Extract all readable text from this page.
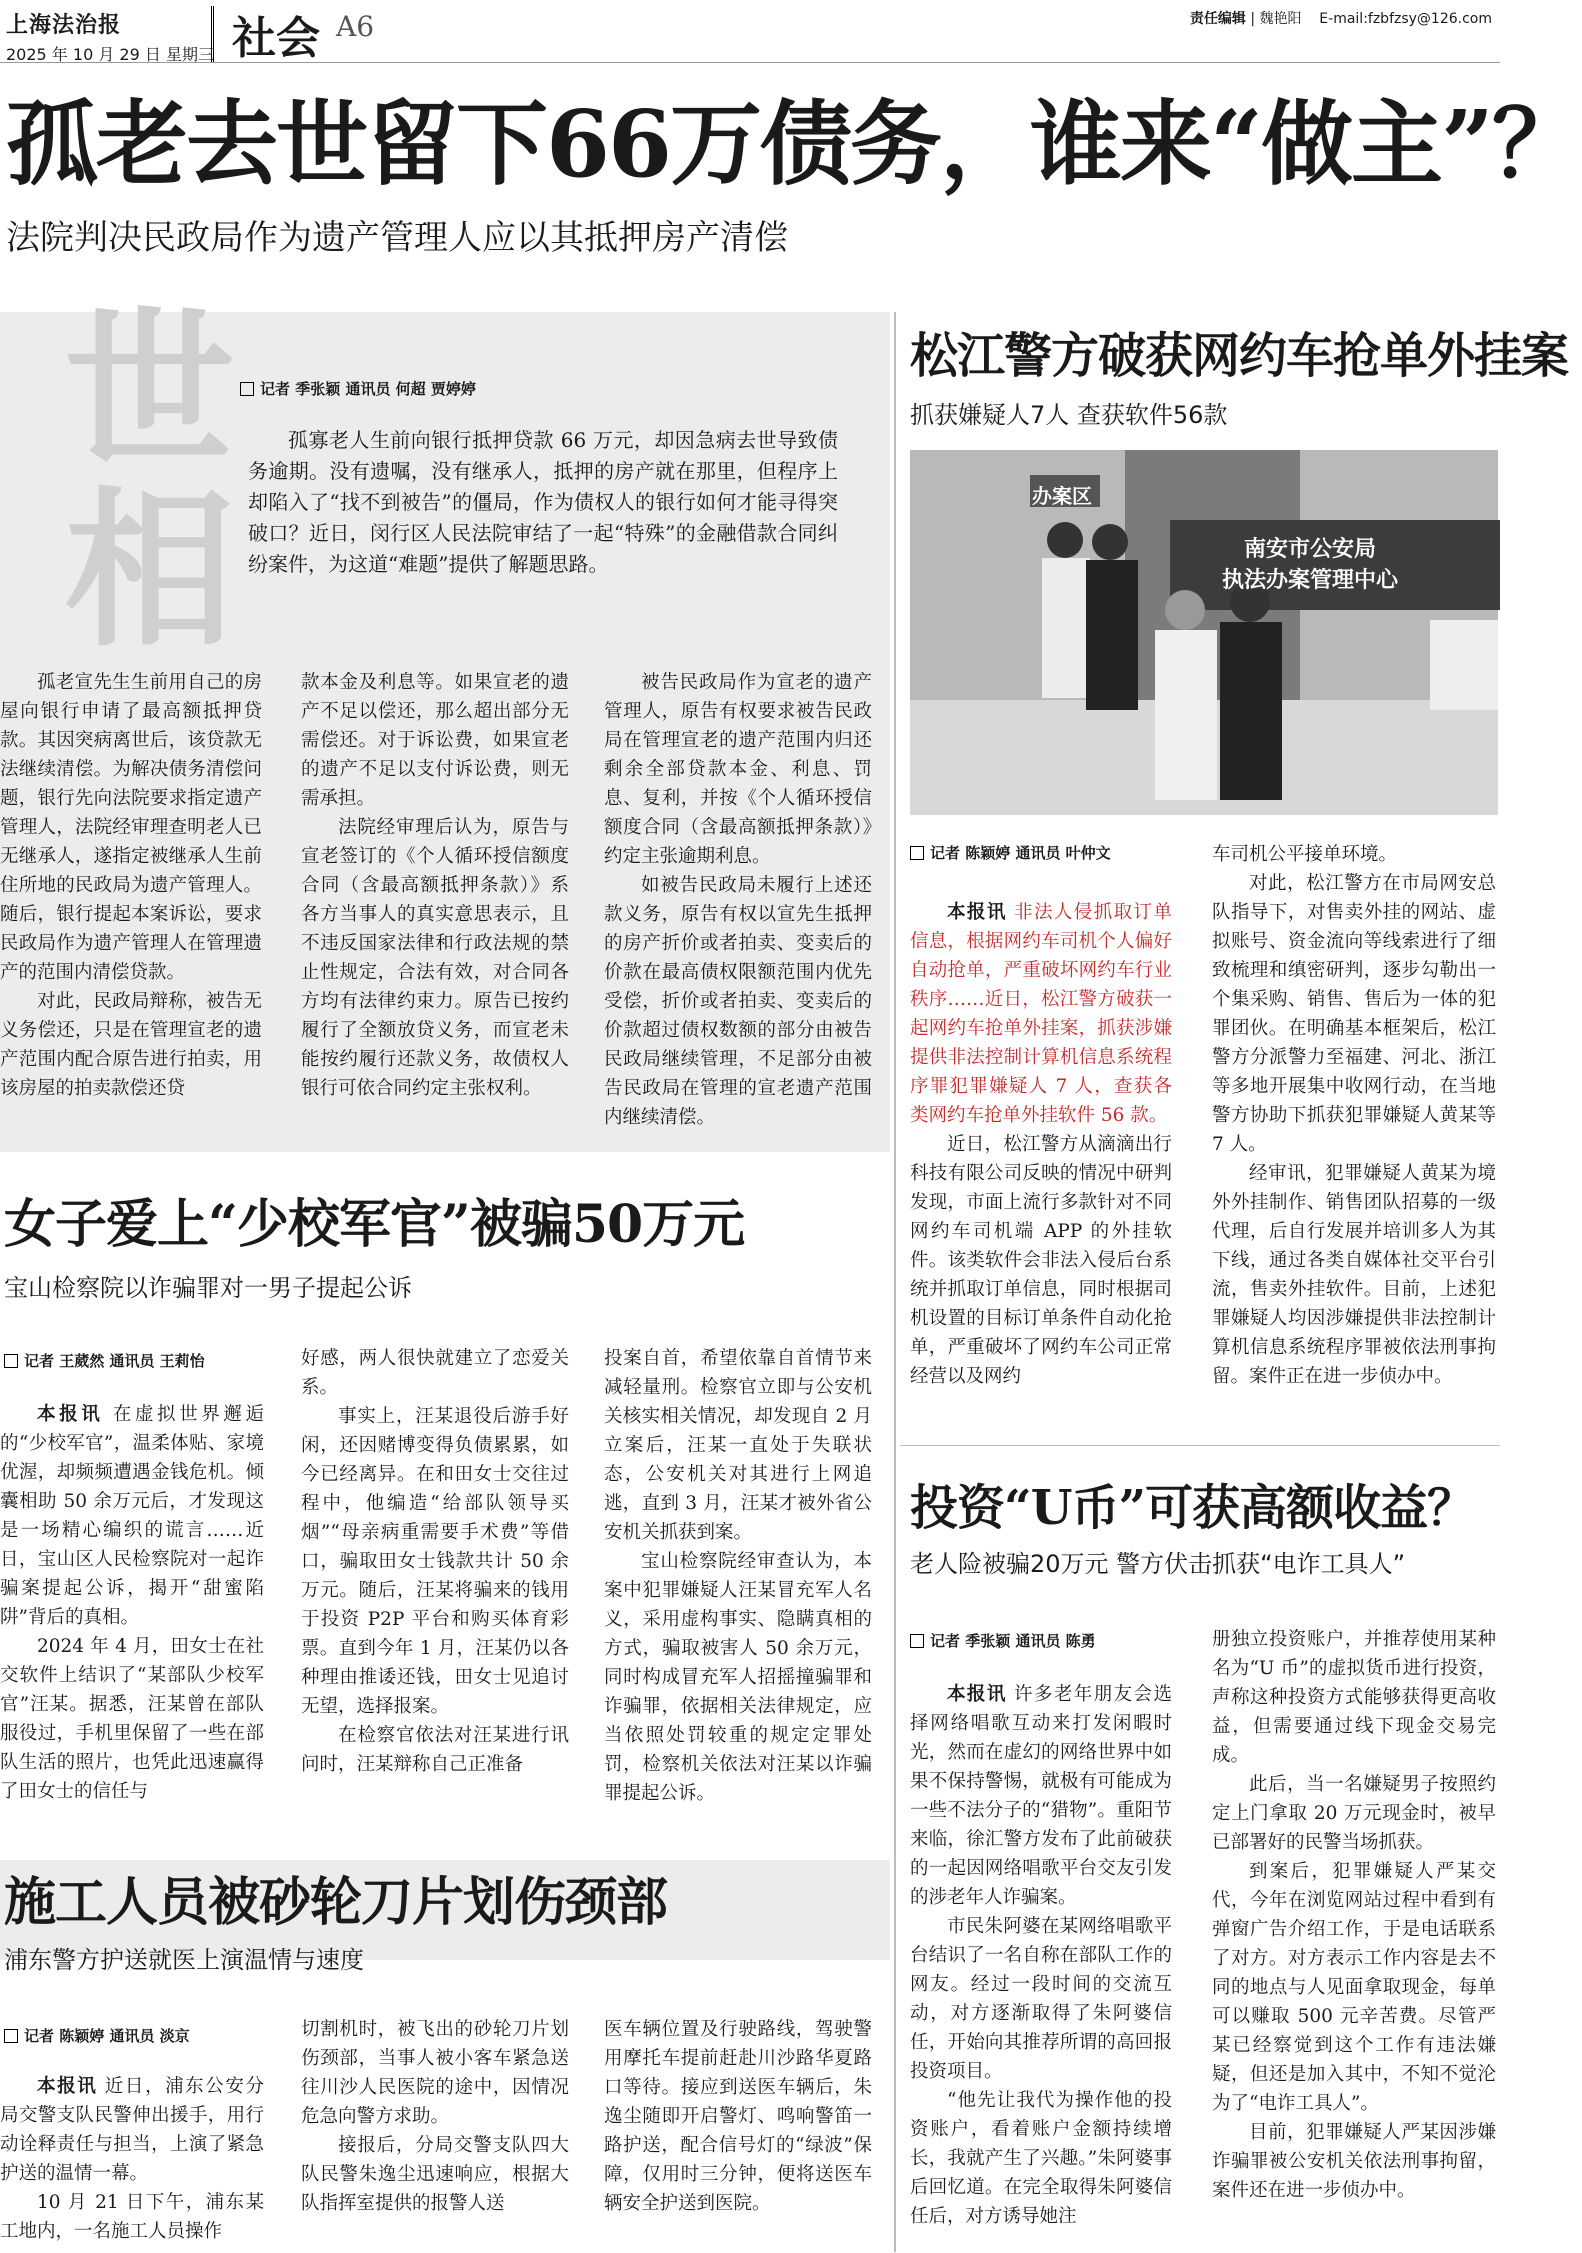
上海法治报
2025 年 10 月 29 日 星期三 社会 A6	责任编辑 | 魏艳阳 E-mail:fzbfzsy@126.com
孤老去世留下66万债务，谁来“做主”？
法院判决民政局作为遗产管理人应以其抵押房产清偿
世相	记者 季张颖 通讯员 何超 贾婷婷

孤寡老人生前向银行抵押贷款 66 万元，却因急病去世导致债务逾期。没有遗嘱，没有继承人，抵押的房产就在那里，但程序上却陷入了“找不到被告”的僵局，作为债权人的银行如何才能寻得突破口？近日，闵行区人民法院审结了一起“特殊”的金融借款合同纠纷案件，为这道“难题”提供了解题思路。

孤老宣先生生前用自己的房屋向银行申请了最高额抵押贷款。其因突病离世后，该贷款无法继续清偿。为解决债务清偿问题，银行先向法院要求指定遗产管理人，法院经审理查明老人已无继承人，遂指定被继承人生前住所地的民政局为遗产管理人。随后，银行提起本案诉讼，要求民政局作为遗产管理人在管理遗产的范围内清偿贷款。

对此，民政局辩称，被告无义务偿还，只是在管理宣老的遗产范围内配合原告进行拍卖，用该房屋的拍卖款偿还贷

款本金及利息等。如果宣老的遗产不足以偿还，那么超出部分无需偿还。对于诉讼费，如果宣老的遗产不足以支付诉讼费，则无需承担。

法院经审理后认为，原告与宣老签订的《个人循环授信额度合同（含最高额抵押条款）》系各方当事人的真实意思表示，且不违反国家法律和行政法规的禁止性规定，合法有效，对合同各方均有法律约束力。原告已按约履行了全额放贷义务，而宣老未能按约履行还款义务，故债权人银行可依合同约定主张权利。

被告民政局作为宣老的遗产管理人，原告有权要求被告民政局在管理宣老的遗产范围内归还剩余全部贷款本金、利息、罚息、复利，并按《个人循环授信额度合同（含最高额抵押条款）》约定主张逾期利息。

如被告民政局未履行上述还款义务，原告有权以宣先生抵押的房产折价或者拍卖、变卖后的价款在最高债权限额范围内优先受偿，折价或者拍卖、变卖后的价款超过债权数额的部分由被告民政局继续管理，不足部分由被告民政局在管理的宣老遗产范围内继续清偿。

女子爱上“少校军官”被骗50万元
宝山检察院以诈骗罪对一男子提起公诉
记者 王葳然 通讯员 王莉怡

本报讯 在虚拟世界邂逅的“少校军官”，温柔体贴、家境优渥，却频频遭遇金钱危机。倾囊相助 50 余万元后，才发现这是一场精心编织的谎言……近日，宝山区人民检察院对一起诈骗案提起公诉，揭开“甜蜜陷阱”背后的真相。

2024 年 4 月，田女士在社交软件上结识了“某部队少校军官”汪某。据悉，汪某曾在部队服役过，手机里保留了一些在部队生活的照片，也凭此迅速赢得了田女士的信任与

好感，两人很快就建立了恋爱关系。

事实上，汪某退役后游手好闲，还因赌博变得负债累累，如今已经离异。在和田女士交往过程中，他编造“给部队领导买烟”“母亲病重需要手术费”等借口，骗取田女士钱款共计 50 余万元。随后，汪某将骗来的钱用于投资 P2P 平台和购买体育彩票。直到今年 1 月，汪某仍以各种理由推诿还钱，田女士见追讨无望，选择报案。

在检察官依法对汪某进行讯问时，汪某辩称自己正准备

投案自首，希望依靠自首情节来减轻量刑。检察官立即与公安机关核实相关情况，却发现自 2 月立案后，汪某一直处于失联状态，公安机关对其进行上网追逃，直到 3 月，汪某才被外省公安机关抓获到案。

宝山检察院经审查认为，本案中犯罪嫌疑人汪某冒充军人名义，采用虚构事实、隐瞒真相的方式，骗取被害人 50 余万元，同时构成冒充军人招摇撞骗罪和诈骗罪，依据相关法律规定，应当依照处罚较重的规定定罪处罚，检察机关依法对汪某以诈骗罪提起公诉。

施工人员被砂轮刀片划伤颈部
浦东警方护送就医上演温情与速度
记者 陈颖婷 通讯员 淡京

本报讯 近日，浦东公安分局交警支队民警伸出援手，用行动诠释责任与担当，上演了紧急护送的温情一幕。

10 月 21 日下午，浦东某工地内，一名施工人员操作

切割机时，被飞出的砂轮刀片划伤颈部，当事人被小客车紧急送往川沙人民医院的途中，因情况危急向警方求助。

接报后，分局交警支队四大队民警朱逸尘迅速响应，根据大队指挥室提供的报警人送

医车辆位置及行驶路线，驾驶警用摩托车提前赶赴川沙路华夏路口等待。接应到送医车辆后，朱逸尘随即开启警灯、鸣响警笛一路护送，配合信号灯的“绿波”保障，仅用时三分钟，便将送医车辆安全护送到医院。

松江警方破获网约车抢单外挂案
抓获嫌疑人7人 查获软件56款
办案区
南安市公安局
执法办案管理中心
记者 陈颖婷 通讯员 叶仲文

本报讯 非法人侵抓取订单信息，根据网约车司机个人偏好自动抢单，严重破坏网约车行业秩序……近日，松江警方破获一起网约车抢单外挂案，抓获涉嫌提供非法控制计算机信息系统程序罪犯罪嫌疑人 7 人，查获各类网约车抢单外挂软件 56 款。

近日，松江警方从滴滴出行科技有限公司反映的情况中研判发现，市面上流行多款针对不同网约车司机端 APP 的外挂软件。该类软件会非法入侵后台系统并抓取订单信息，同时根据司机设置的目标订单条件自动化抢单，严重破坏了网约车公司正常经营以及网约

车司机公平接单环境。

对此，松江警方在市局网安总队指导下，对售卖外挂的网站、虚拟账号、资金流向等线索进行了细致梳理和缜密研判，逐步勾勒出一个集采购、销售、售后为一体的犯罪团伙。在明确基本框架后，松江警方分派警力至福建、河北、浙江等多地开展集中收网行动，在当地警方协助下抓获犯罪嫌疑人黄某等 7 人。

经审讯，犯罪嫌疑人黄某为境外外挂制作、销售团队招募的一级代理，后自行发展并培训多人为其下线，通过各类自媒体社交平台引流，售卖外挂软件。目前，上述犯罪嫌疑人均因涉嫌提供非法控制计算机信息系统程序罪被依法刑事拘留。案件正在进一步侦办中。

投资“U币”可获高额收益？
老人险被骗20万元 警方伏击抓获“电诈工具人”
记者 季张颖 通讯员 陈勇

本报讯 许多老年朋友会选择网络唱歌互动来打发闲暇时光，然而在虚幻的网络世界中如果不保持警惕，就极有可能成为一些不法分子的“猎物”。重阳节来临，徐汇警方发布了此前破获的一起因网络唱歌平台交友引发的涉老年人诈骗案。

市民朱阿婆在某网络唱歌平台结识了一名自称在部队工作的网友。经过一段时间的交流互动，对方逐渐取得了朱阿婆信任，开始向其推荐所谓的高回报投资项目。

“他先让我代为操作他的投资账户，看着账户金额持续增长，我就产生了兴趣。”朱阿婆事后回忆道。在完全取得朱阿婆信任后，对方诱导她注

册独立投资账户，并推荐使用某种名为“U 币”的虚拟货币进行投资，声称这种投资方式能够获得更高收益，但需要通过线下现金交易完成。

此后，当一名嫌疑男子按照约定上门拿取 20 万元现金时，被早已部署好的民警当场抓获。

到案后，犯罪嫌疑人严某交代，今年在浏览网站过程中看到有弹窗广告介绍工作，于是电话联系了对方。对方表示工作内容是去不同的地点与人见面拿取现金，每单可以赚取 500 元辛苦费。尽管严某已经察觉到这个工作有违法嫌疑，但还是加入其中，不知不觉沦为了“电诈工具人”。

目前，犯罪嫌疑人严某因涉嫌诈骗罪被公安机关依法刑事拘留，案件还在进一步侦办中。
